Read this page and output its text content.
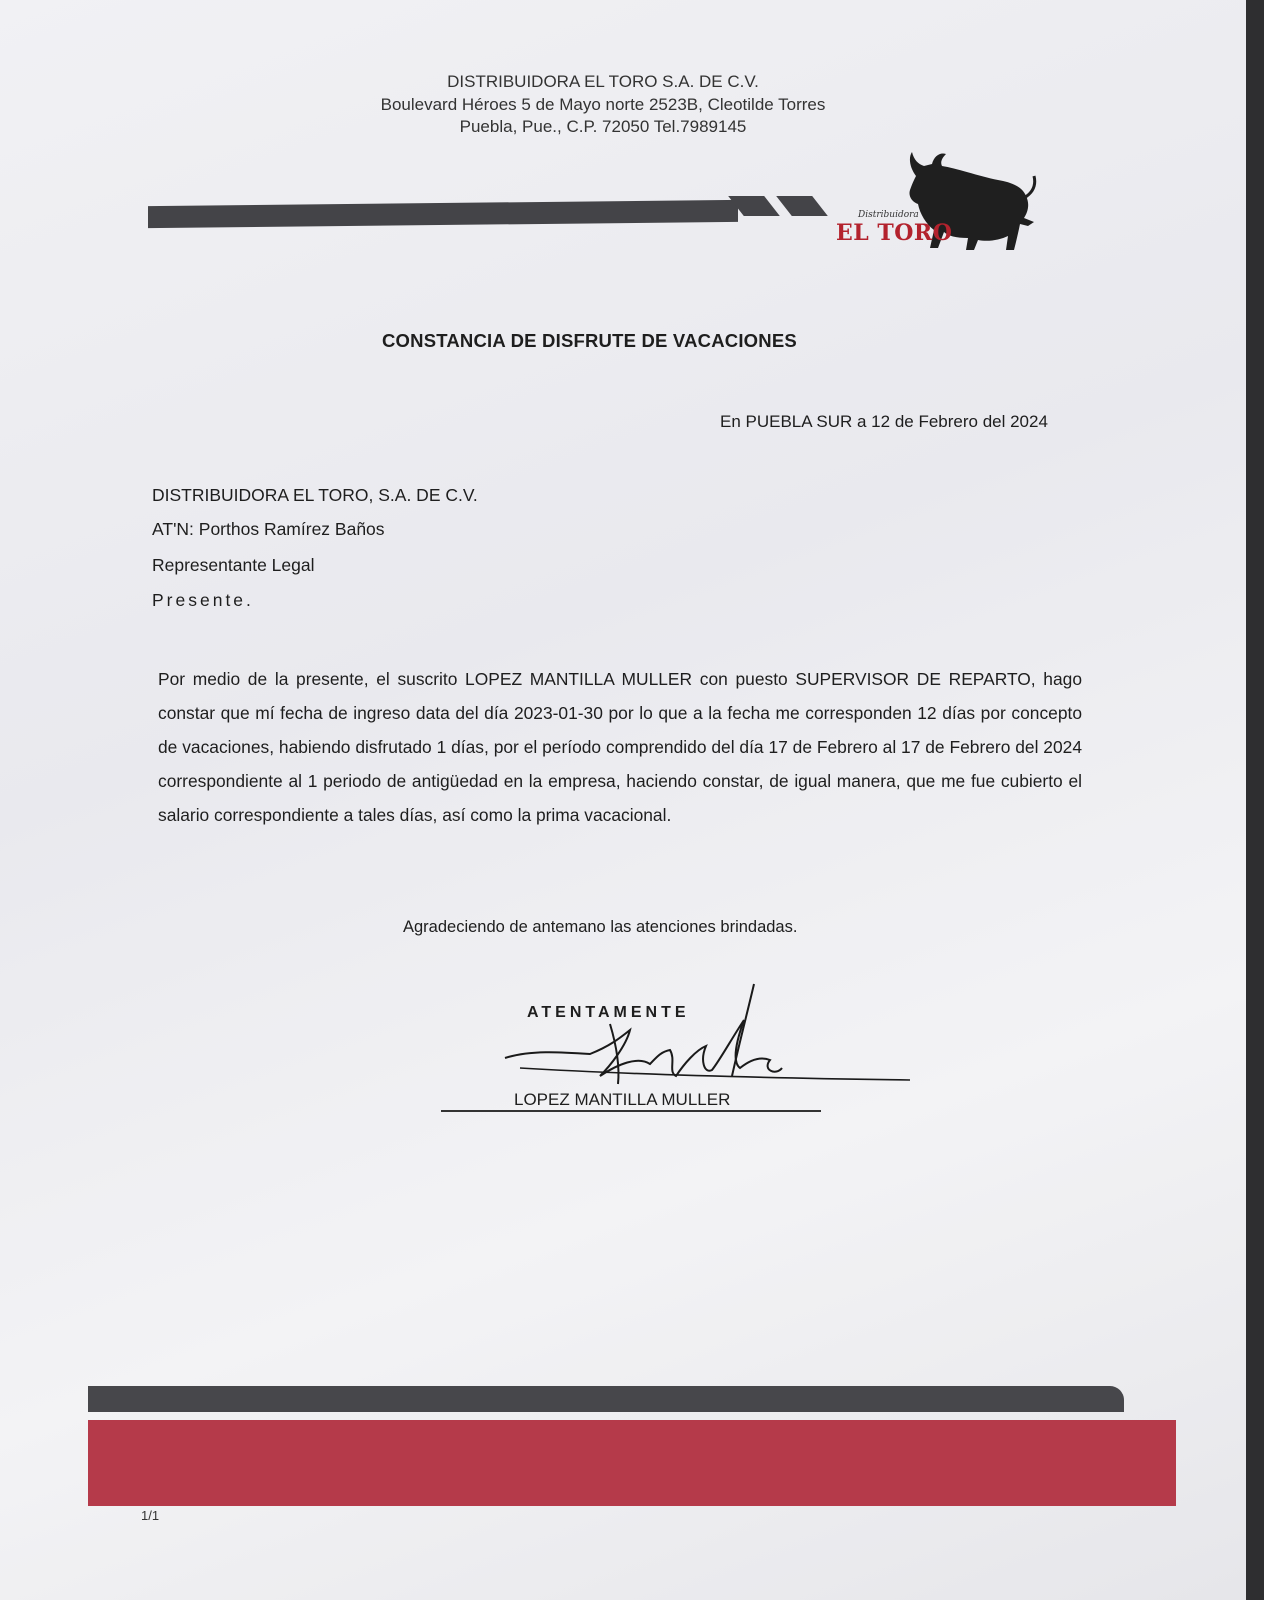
DISTRIBUIDORA EL TORO S.A. DE C.V.
Boulevard Héroes 5 de Mayo norte 2523B, Cleotilde Torres
Puebla, Pue., C.P. 72050 Tel.7989145
Distribuidora
EL TORO
CONSTANCIA DE DISFRUTE DE VACACIONES
En PUEBLA SUR a 12 de Febrero del 2024
DISTRIBUIDORA EL TORO, S.A. DE C.V.
AT'N: Porthos Ramírez Baños
Representante Legal
Presente.
Por medio de la presente, el suscrito LOPEZ MANTILLA MULLER con puesto SUPERVISOR DE REPARTO, hago constar que mí fecha de ingreso data del día 2023-01-30 por lo que a la fecha me corresponden 12 días por concepto de vacaciones, habiendo disfrutado 1 días, por el período comprendido del día 17 de Febrero al 17 de Febrero del 2024 correspondiente al 1 periodo de antigüedad en la empresa, haciendo constar, de igual manera, que me fue cubierto el salario correspondiente a tales días, así como la prima vacacional.
Agradeciendo de antemano las atenciones brindadas.
ATENTAMENTE
LOPEZ MANTILLA MULLER
1/1
